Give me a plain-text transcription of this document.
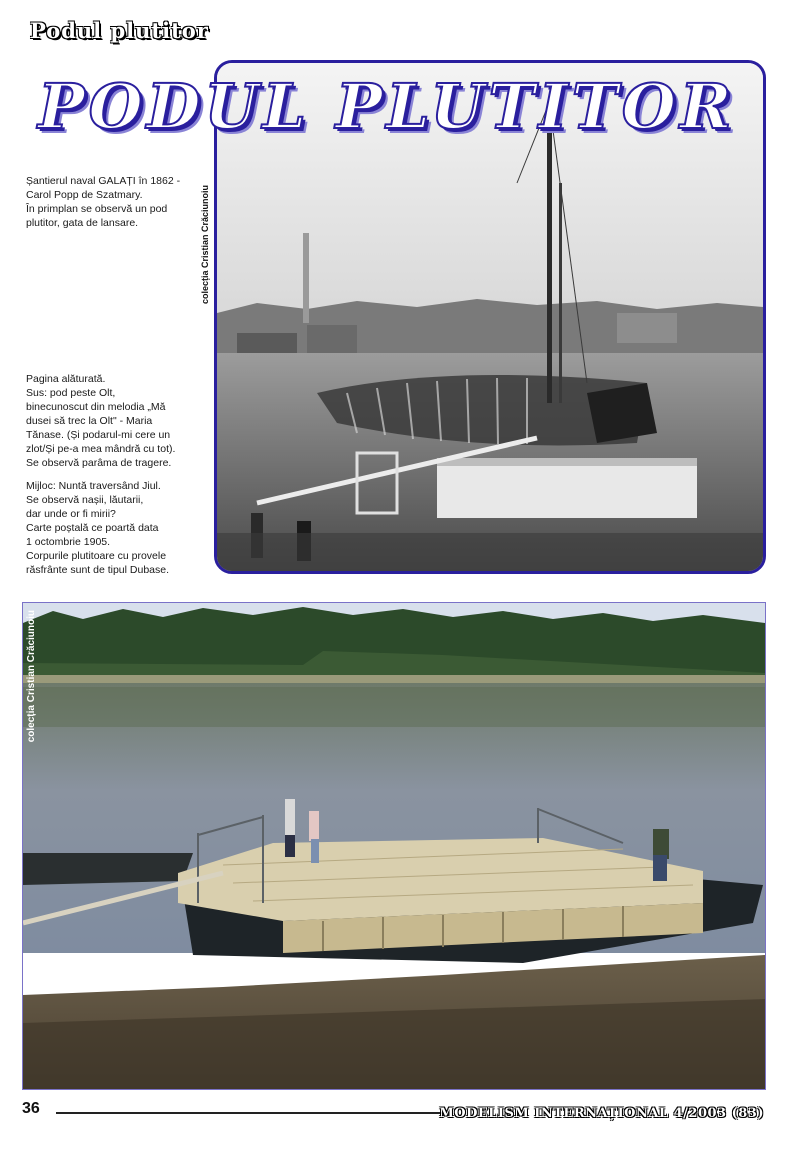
Podul plutitor
PODUL PLUTITOR
colecția Cristian Crăciunoiu
Șantierul naval GALAȚI în 1862 -
Carol Popp de Szatmary.
În primplan se observă un pod
plutitor, gata de lansare.

Pagina alăturată.
Sus: pod peste Olt,
binecunoscut din melodia „Mă
dusei să trec la Olt" - Maria
Tănase. (Și podarul-mi cere un
zlot/Și pe-a mea mândră cu tot).
Se observă parâma de tragere.

Mijloc: Nuntă traversând Jiul.
Se observă nașii, lăutarii,
dar unde or fi mirii?
Carte poștală ce poartă data
1 octombrie 1905.
Corpurile plutitoare cu provele
răsfrânte sunt de tipul Dubase.

colecția Cristian Crăciunoiu
36	MODELISM INTERNAȚIONAL 4/2003 (83)
